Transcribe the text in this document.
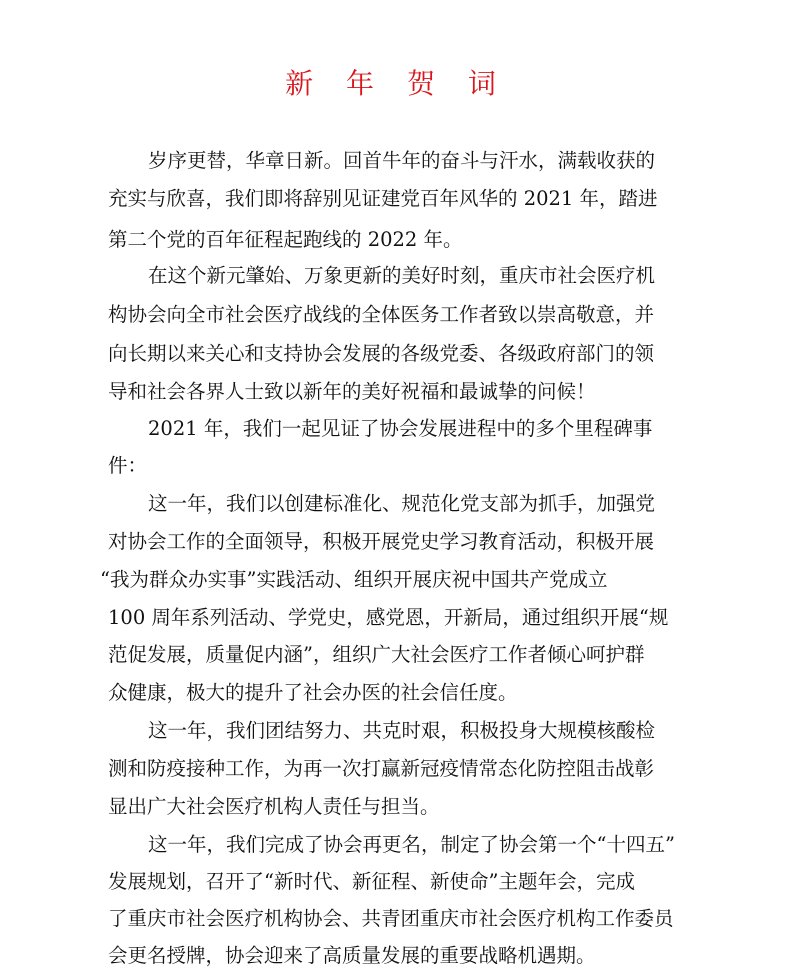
新 年 贺 词
岁序更替，华章日新。回首牛年的奋斗与汗水，满载收获的
充实与欣喜，我们即将辞别见证建党百年风华的 2021 年，踏进
第二个党的百年征程起跑线的 2022 年。
在这个新元肇始、万象更新的美好时刻，重庆市社会医疗机
构协会向全市社会医疗战线的全体医务工作者致以崇高敬意，并
向长期以来关心和支持协会发展的各级党委、各级政府部门的领
导和社会各界人士致以新年的美好祝福和最诚挚的问候！
2021 年，我们一起见证了协会发展进程中的多个里程碑事
件：
这一年，我们以创建标准化、规范化党支部为抓手，加强党
对协会工作的全面领导，积极开展党史学习教育活动，积极开展
“我为群众办实事”实践活动、组织开展庆祝中国共产党成立
100 周年系列活动、学党史，感党恩，开新局，通过组织开展“规
范促发展，质量促内涵”，组织广大社会医疗工作者倾心呵护群
众健康，极大的提升了社会办医的社会信任度。
这一年，我们团结努力、共克时艰，积极投身大规模核酸检
测和防疫接种工作，为再一次打赢新冠疫情常态化防控阻击战彰
显出广大社会医疗机构人责任与担当。
这一年，我们完成了协会再更名，制定了协会第一个“十四五”
发展规划，召开了“新时代、新征程、新使命”主题年会，完成
了重庆市社会医疗机构协会、共青团重庆市社会医疗机构工作委员
会更名授牌，协会迎来了高质量发展的重要战略机遇期。
